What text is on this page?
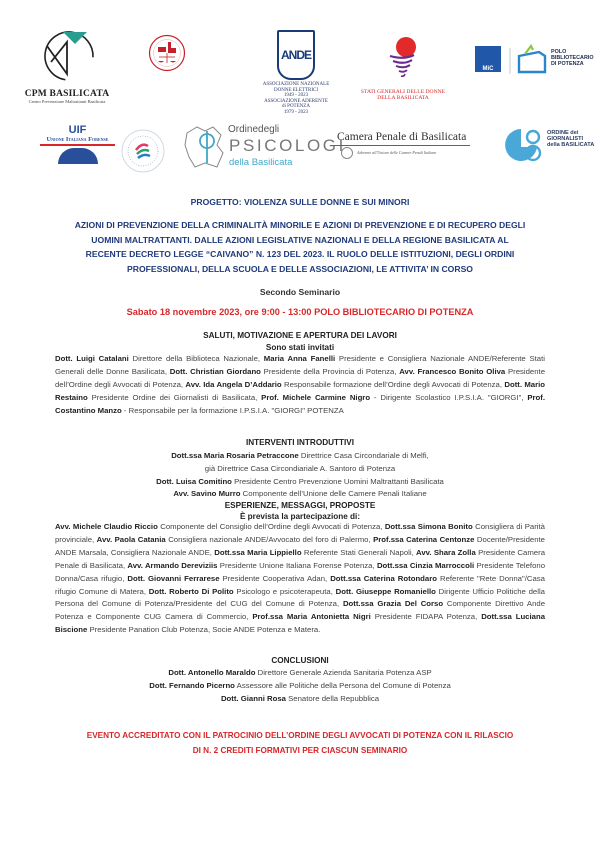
CPM BASILICATA
Centro Prevenzione Maltrattanti Basilicata
ANDE
ASSOCIAZIONE NAZIONALE
DONNE ELETTRICI
1949 - 2023
ASSOCIAZIONE ADERENTE
di POTENZA
1979 - 2023
STATI GENERALI DELLE DONNE
DELLA BASILICATA
MiC
POLO
BIBLIOTECARIO
DI POTENZA
UIF
Unione Italiana Forense
Ordinedegli
PSICOLOGI
della Basilicata
Camera Penale di Basilicata
Aderente all'Unione delle Camere Penali Italiane
ORDINE dei
GIORNALISTI
della BASILICATA
PROGETTO: VIOLENZA SULLE DONNE E SUI MINORI
AZIONI DI PREVENZIONE DELLA CRIMINALITÀ MINORILE E AZIONI DI PREVENZIONE E DI RECUPERO DEGLI
UOMINI MALTRATTANTI. DALLE AZIONI LEGISLATIVE NAZIONALI E DELLA REGIONE BASILICATA AL
RECENTE DECRETO LEGGE “CAIVANO” N. 123 DEL 2023. IL RUOLO DELLE ISTITUZIONI, DEGLI ORDINI
PROFESSIONALI, DELLA SCUOLA E DELLE ASSOCIAZIONI, LE ATTIVITA’ IN CORSO
Secondo Seminario
Sabato 18 novembre 2023, ore 9:00 - 13:00 POLO BIBLIOTECARIO DI POTENZA
SALUTI, MOTIVAZIONE E APERTURA DEI LAVORI
Sono stati invitati
Dott. Luigi Catalani Direttore della Biblioteca Nazionale, Maria Anna Fanelli Presidente e Consigliera Nazionale ANDE/Referente Stati Generali delle Donne Basilicata, Dott. Christian Giordano Presidente della Provincia di Potenza, Avv. Francesco Bonito Oliva Presidente dell’Ordine degli Avvocati di Potenza, Avv. Ida Angela D’Addario Responsabile formazione dell’Ordine degli Avvocati di Potenza, Dott. Mario Restaino Presidente Ordine dei Giornalisti di Basilicata, Prof. Michele Carmine Nigro - Dirigente Scolastico I.P.S.I.A. "GIORGI", Prof. Costantino Manzo - Responsabile per la formazione I.P.S.I.A. "GIORGI" POTENZA
INTERVENTI INTRODUTTIVI
Dott.ssa Maria Rosaria Petraccone Direttrice Casa Circondariale di Melfi,
già Direttrice Casa Circondiariale A. Santoro di Potenza
Dott. Luisa Comitino Presidente Centro Prevenzione Uomini Maltrattanti Basilicata
Avv. Savino Murro Componente dell’Unione delle Camere Penali Italiane
ESPERIENZE, MESSAGGI, PROPOSTE
È prevista la partecipazione di:
Avv. Michele Claudio Riccio Componente del Consiglio dell’Ordine degli Avvocati di Potenza, Dott.ssa Simona Bonito Consigliera di Parità provinciale, Avv. Paola Catania Consigliera nazionale ANDE/Avvocato del foro di Palermo, Prof.ssa Caterina Centonze Docente/Presidente ANDE Marsala, Consigliera Nazionale ANDE, Dott.ssa Maria Lippiello Referente Stati Generali Napoli, Avv. Shara Zolla Presidente Camera Penale di Basilicata, Avv. Armando Dereviziis Presidente Unione Italiana Forense Potenza, Dott.ssa Cinzia Marroccoli Presidente Telefono Donna/Casa rifugio, Dott. Giovanni Ferrarese Presidente Cooperativa Adan, Dott.ssa Caterina Rotondaro Referente "Rete Donna"/Casa rifugio Comune di Matera, Dott. Roberto Di Polito Psicologo e psicoterapeuta, Dott. Giuseppe Romaniello Dirigente Ufficio Politiche della Persona del Comune di Potenza/Presidente del CUG del Comune di Potenza, Dott.ssa Grazia Del Corso Componente Direttivo Ande Potenza e Componente CUG Camera di Commercio, Prof.ssa Maria Antonietta Nigri Presidente FIDAPA Potenza, Dott.ssa Luciana Biscione Presidente Panation Club Potenza, Socie ANDE Potenza e Matera.
CONCLUSIONI
Dott. Antonello Maraldo Direttore Generale Azienda Sanitaria Potenza ASP
Dott. Fernando Picerno Assessore alle Politiche della Persona del Comune di Potenza
Dott. Gianni Rosa Senatore della Repubblica
EVENTO ACCREDITATO CON IL PATROCINIO DELL’ORDINE DEGLI AVVOCATI DI POTENZA CON IL RILASCIO
DI N. 2 CREDITI FORMATIVI PER CIASCUN SEMINARIO
